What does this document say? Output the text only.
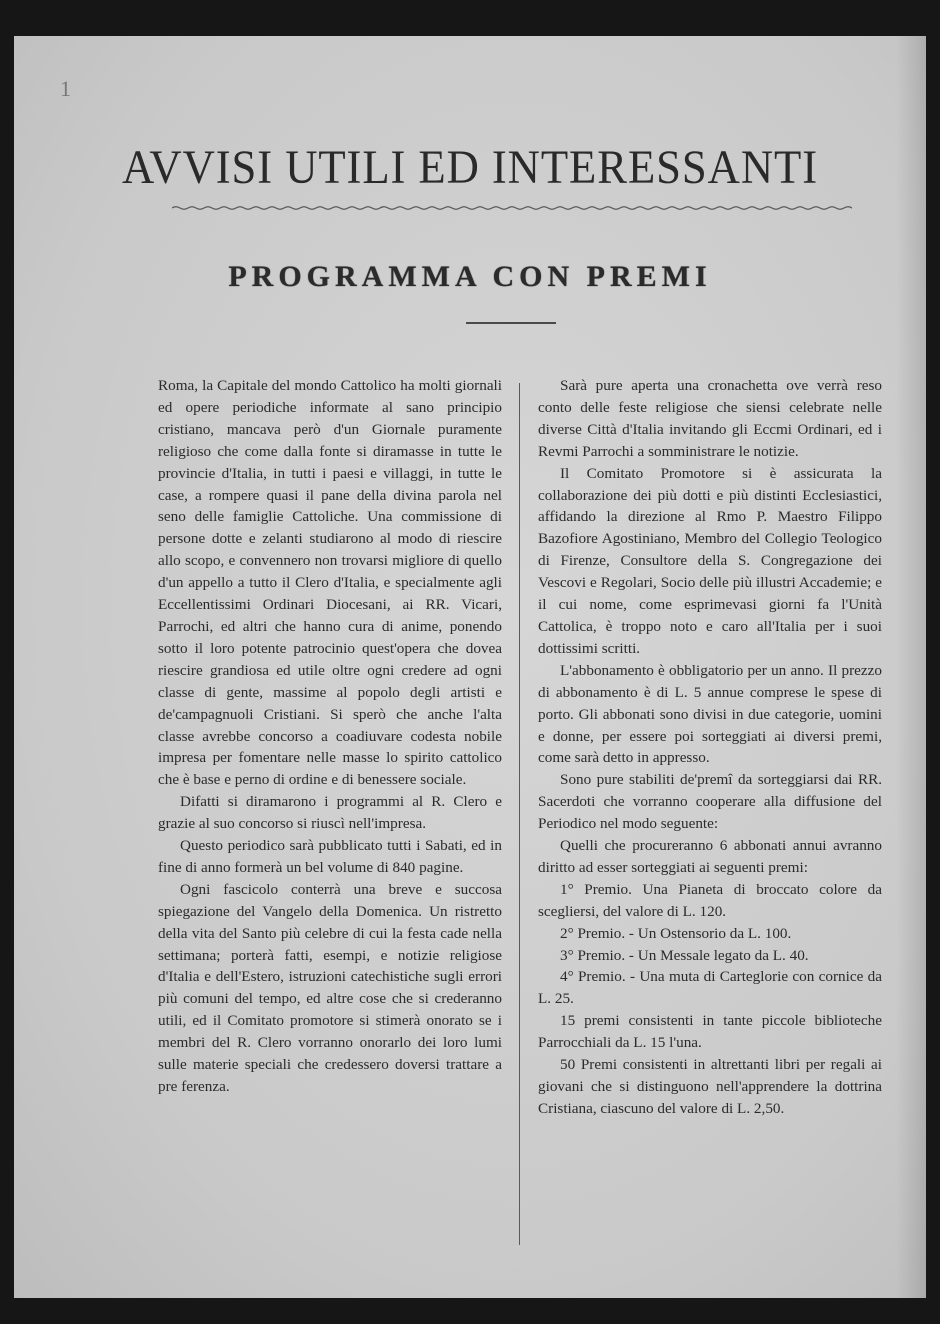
1
AVVISI UTILI ED INTERESSANTI
PROGRAMMA CON PREMI

Roma, la Capitale del mondo Cattolico ha molti giornali ed opere periodiche informate al sano principio cristiano, mancava però d'un Giornale puramente religioso che come dalla fonte si diramasse in tutte le provincie d'Italia, in tutti i paesi e villaggi, in tutte le case, a rompere quasi il pane della divina parola nel seno delle famiglie Cattoliche. Una commissione di persone dotte e zelanti studiarono al modo di riescire allo scopo, e convennero non trovarsi migliore di quello d'un appello a tutto il Clero d'Italia, e specialmente agli Eccellentissimi Ordinari Diocesani, ai RR. Vicari, Parrochi, ed altri che hanno cura di anime, ponendo sotto il loro potente patrocinio quest'opera che dovea riescire grandiosa ed utile oltre ogni credere ad ogni classe di gente, massime al popolo degli artisti e de'campagnuoli Cristiani. Si sperò che anche l'alta classe avrebbe concorso a coadiuvare codesta nobile impresa per fomentare nelle masse lo spirito cattolico che è base e perno di ordine e di benessere sociale.

Difatti si diramarono i programmi al R. Clero e grazie al suo concorso si riuscì nell'impresa.

Questo periodico sarà pubblicato tutti i Sabati, ed in fine di anno formerà un bel volume di 840 pagine.

Ogni fascicolo conterrà una breve e succosa spiegazione del Vangelo della Domenica. Un ristretto della vita del Santo più celebre di cui la festa cade nella settimana; porterà fatti, esempi, e notizie religiose d'Italia e dell'Estero, istruzioni catechistiche sugli errori più comuni del tempo, ed altre cose che si crederanno utili, ed il Comitato promotore si stimerà onorato se i membri del R. Clero vorranno onorarlo dei loro lumi sulle materie speciali che credessero doversi trattare a pre ferenza.

Sarà pure aperta una cronachetta ove verrà reso conto delle feste religiose che siensi celebrate nelle diverse Città d'Italia invitando gli Eccmi Ordinari, ed i Revmi Parrochi a somministrare le notizie.

Il Comitato Promotore si è assicurata la collaborazione dei più dotti e più distinti Ecclesiastici, affidando la direzione al Rmo P. Maestro Filippo Bazofiore Agostiniano, Membro del Collegio Teologico di Firenze, Consultore della S. Congregazione dei Vescovi e Regolari, Socio delle più illustri Accademie; e il cui nome, come esprimevasi giorni fa l'Unità Cattolica, è troppo noto e caro all'Italia per i suoi dottissimi scritti.

L'abbonamento è obbligatorio per un anno. Il prezzo di abbonamento è di L. 5 annue comprese le spese di porto. Gli abbonati sono divisi in due categorie, uomini e donne, per essere poi sorteggiati ai diversi premi, come sarà detto in appresso.

Sono pure stabiliti de'premî da sorteggiarsi dai RR. Sacerdoti che vorranno cooperare alla diffusione del Periodico nel modo seguente:

Quelli che procureranno 6 abbonati annui avranno diritto ad esser sorteggiati ai seguenti premi:

1° Premio. Una Pianeta di broccato colore da scegliersi, del valore di L. 120.

2° Premio. - Un Ostensorio da L. 100.

3° Premio. - Un Messale legato da L. 40.

4° Premio. - Una muta di Carteglorie con cornice da L. 25.

15 premi consistenti in tante piccole biblioteche Parrocchiali da L. 15 l'una.

50 Premi consistenti in altrettanti libri per regali ai giovani che si distinguono nell'apprendere la dottrina Cristiana, ciascuno del valore di L. 2,50.
